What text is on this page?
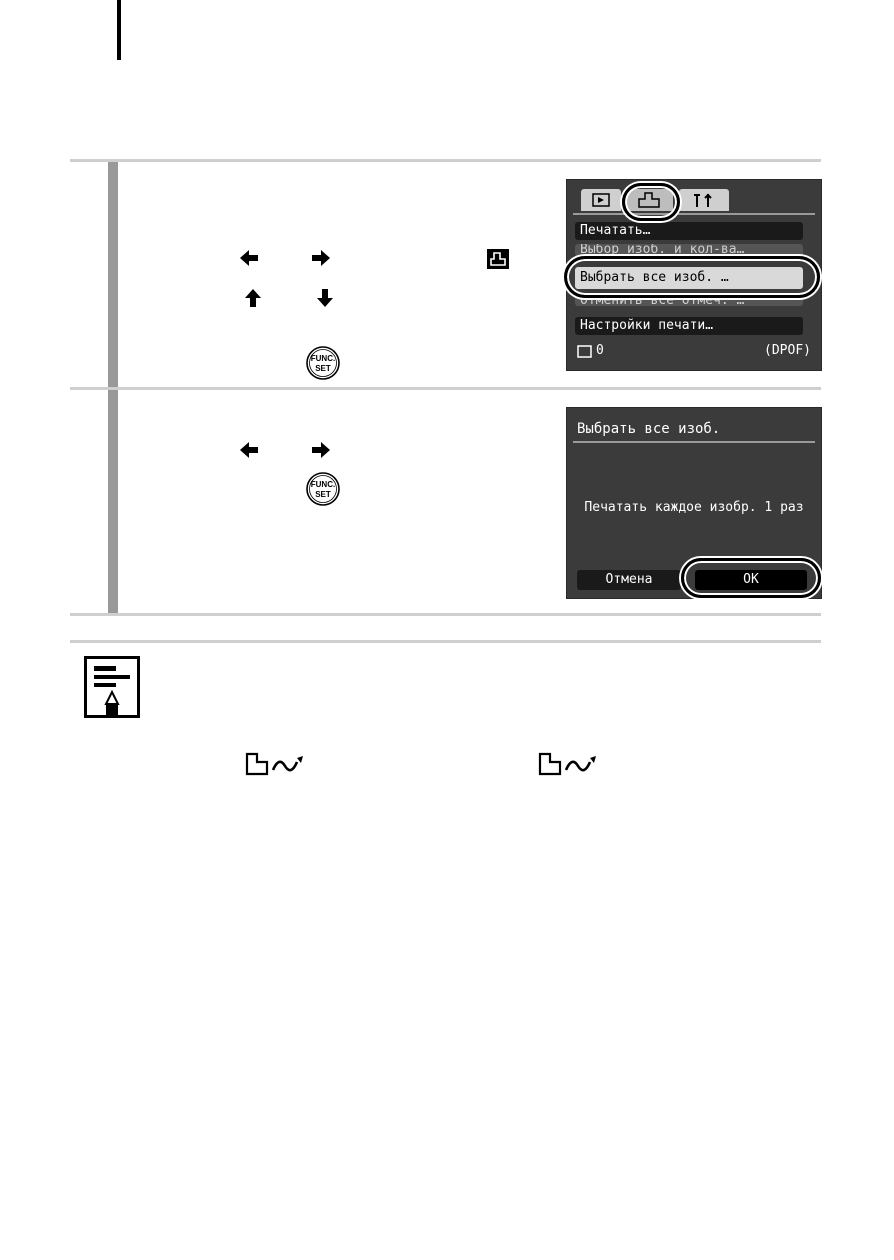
FUNC.
SET
Печатать…
Выбор изоб. и кол-ва…
Выбрать все изоб. …
Отменить все отмеч. …
Настройки печати…
0	(DPOF)
FUNC.
SET
Выбрать все изоб.
Печатать каждое изобр. 1 раз
Отмена	OK
